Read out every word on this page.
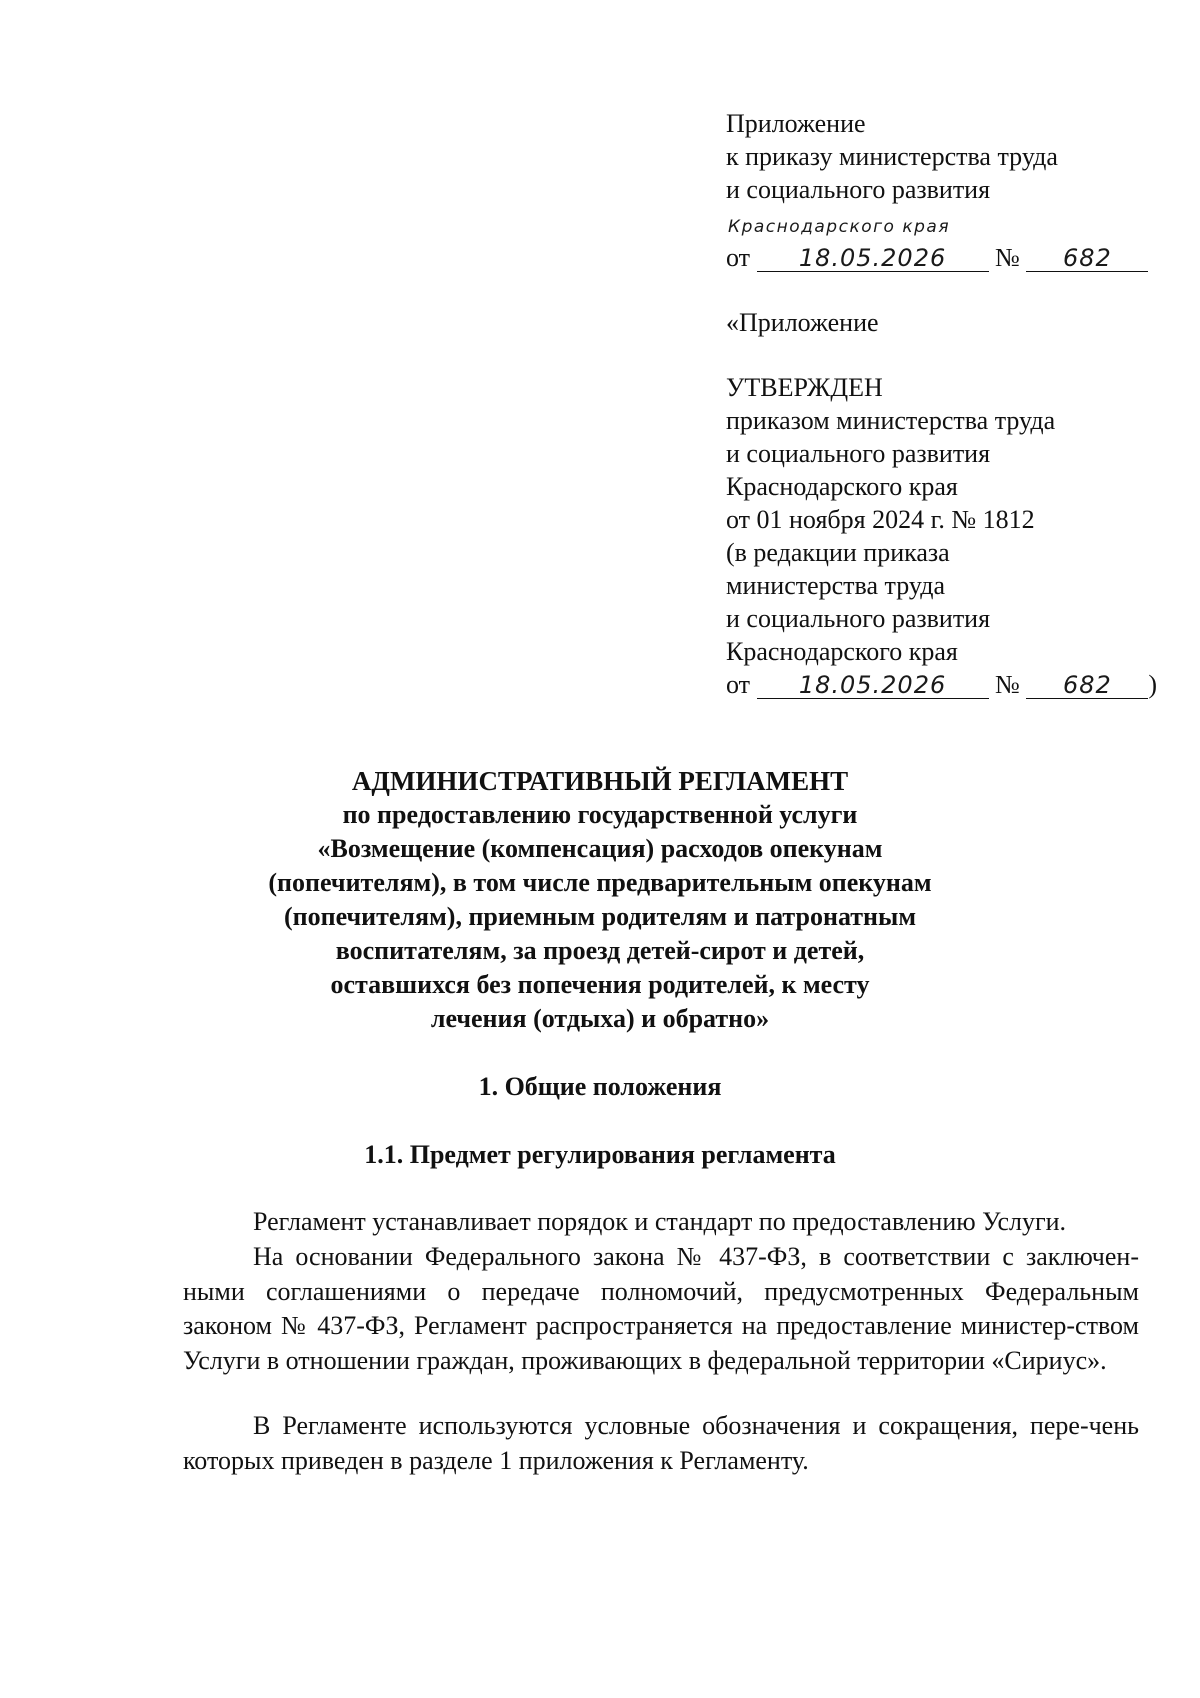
Приложение
к приказу министерства труда
и социального развития
Краснодарского края
от 18.05.2026 № 682
«Приложение
УТВЕРЖДЕН
приказом министерства труда
и социального развития
Краснодарского края
от 01 ноября 2024 г. № 1812
(в редакции приказа
министерства труда
и социального развития
Краснодарского края
от 18.05.2026 № 682 )
АДМИНИСТРАТИВНЫЙ РЕГЛАМЕНТ
по предоставлению государственной услуги
«Возмещение (компенсация) расходов опекунам
(попечителям), в том числе предварительным опекунам
(попечителям), приемным родителям и патронатным
воспитателям, за проезд детей-сирот и детей,
оставшихся без попечения родителей, к месту
лечения (отдыха) и обратно»
1. Общие положения
1.1. Предмет регулирования регламента
Регламент устанавливает порядок и стандарт по предоставлению Услуги.
На основании Федерального закона № 437-ФЗ, в соответствии с заключен-ными соглашениями о передаче полномочий, предусмотренных Федеральным законом № 437-ФЗ, Регламент распространяется на предоставление министер-ством Услуги в отношении граждан, проживающих в федеральной территории «Сириус».
В Регламенте используются условные обозначения и сокращения, пере-чень которых приведен в разделе 1 приложения к Регламенту.
